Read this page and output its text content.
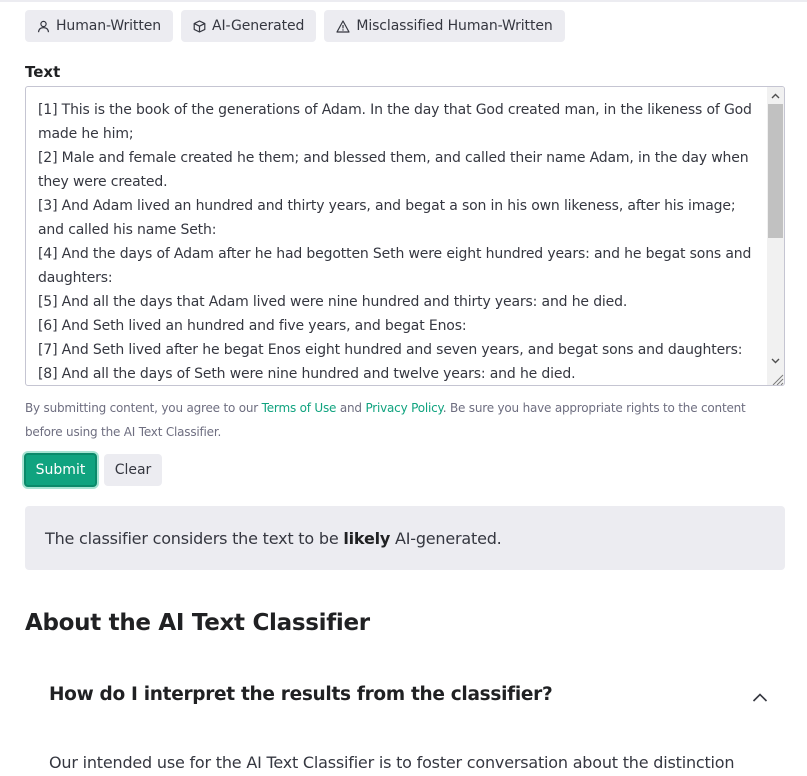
Human-Written	AI-Generated	Misclassified Human-Written
Text

[1] This is the book of the generations of Adam. In the day that God created man, in the likeness of God made he him;

[2] Male and female created he them; and blessed them, and called their name Adam, in the day when they were created.

[3] And Adam lived an hundred and thirty years, and begat a son in his own likeness, after his image; and called his name Seth:

[4] And the days of Adam after he had begotten Seth were eight hundred years: and he begat sons and daughters:

[5] And all the days that Adam lived were nine hundred and thirty years: and he died.

[6] And Seth lived an hundred and five years, and begat Enos:

[7] And Seth lived after he begat Enos eight hundred and seven years, and begat sons and daughters:

[8] And all the days of Seth were nine hundred and twelve years: and he died.

By submitting content, you agree to our Terms of Use and Privacy Policy. Be sure you have appropriate rights to the content before using the AI Text Classifier.
Submit	Clear
The classifier considers the text to be likely AI-generated.
About the AI Text Classifier
How do I interpret the results from the classifier?
Our intended use for the AI Text Classifier is to foster conversation about the distinction
